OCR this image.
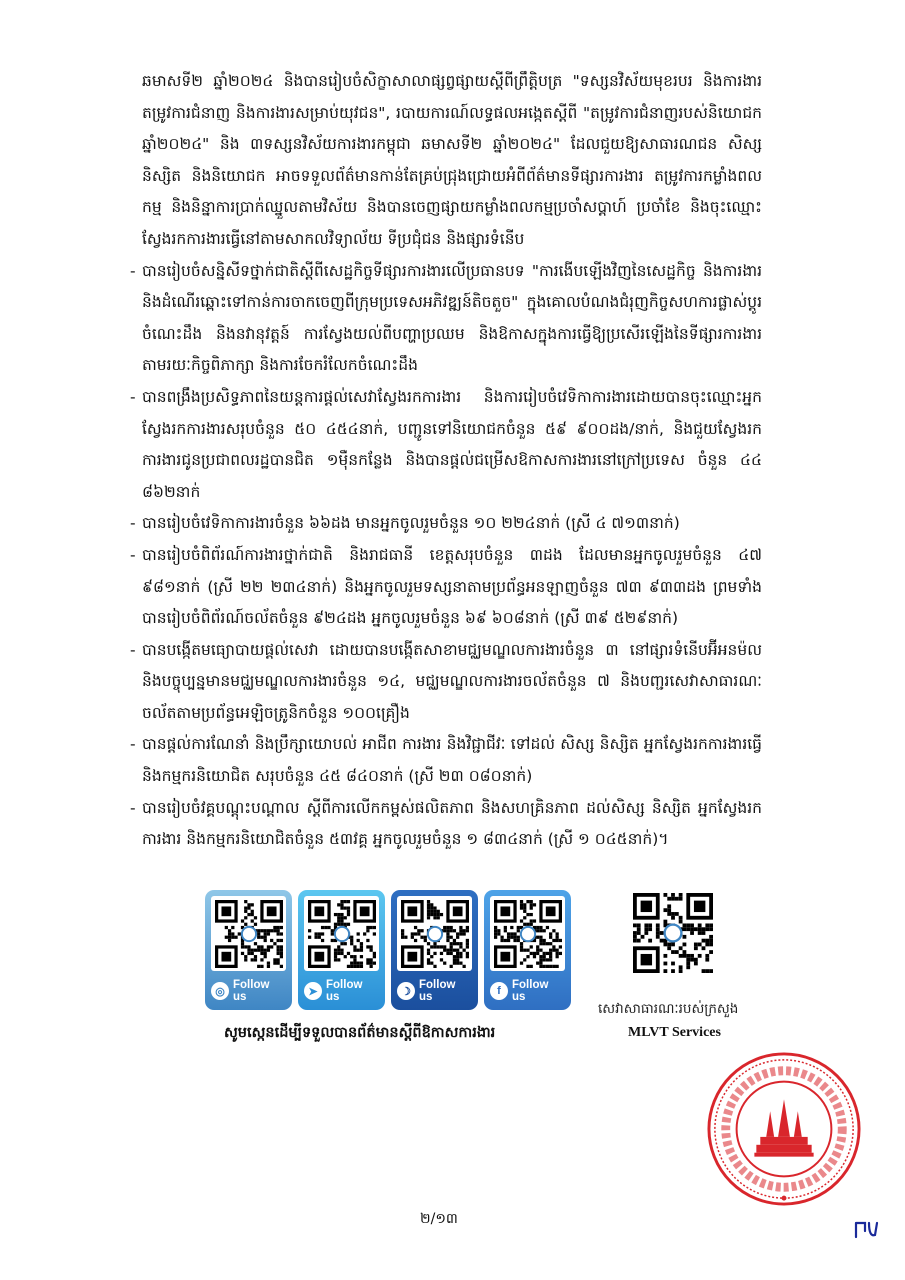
ឆមាសទី២ ឆ្នាំ២០២៤ និងបានរៀបចំសិក្ខាសាលាផ្សព្វផ្សាយស្ដីពីព្រឹត្តិបត្រ "ទស្សនវិស័យមុខរបរ និងការងារ តម្រូវការជំនាញ និងការងារសម្រាប់យុវជន", របាយការណ៍លទ្ធផលអង្កេតស្ដីពី "តម្រូវការជំនាញរបស់និយោជក ឆ្នាំ២០២៤" និង ៣ទស្សនវិស័យការងារកម្ពុជា ឆមាសទី២ ឆ្នាំ២០២៤" ដែលជួយឱ្យសាធារណជន សិស្ស និស្សិត និងនិយោជក អាចទទួលព័ត៌មានកាន់តែគ្រប់ជ្រុងជ្រោយអំពីព័ត៌មានទីផ្សារការងារ តម្រូវការកម្លាំងពលកម្ម និងនិន្នាការប្រាក់ឈ្នួលតាមវិស័យ និងបានចេញផ្សាយកម្លាំងពលកម្មប្រចាំសប្ដាហ៍ ប្រចាំខែ និងចុះឈ្មោះស្វែងរកការងារធ្វើនៅតាមសាកលវិទ្យាល័យ ទីប្រជុំជន និងផ្សារទំនើប

- បានរៀបចំសន្និសីទថ្នាក់ជាតិស្ដីពីសេដ្ឋកិច្ចទីផ្សារការងារលើប្រធានបទ "ការងើបឡើងវិញនៃសេដ្ឋកិច្ច និងការងារ និងដំណើរឆ្ពោះទៅកាន់ការចាកចេញពីក្រុមប្រទេសអភិវឌ្ឍន៍តិចតួច" ក្នុងគោលបំណងជំរុញកិច្ចសហការផ្លាស់ប្ដូរចំណេះដឹង និងនវានុវត្តន៍ ការស្វែងយល់ពីបញ្ហាប្រឈម និងឱកាសក្នុងការធ្វើឱ្យប្រសើរឡើងនៃទីផ្សារការងារតាមរយៈកិច្ចពិភាក្សា និងការចែករំលែកចំណេះដឹង
- បានពង្រឹងប្រសិទ្ធភាពនៃយន្តការផ្ដល់សេវាស្វែងរកការងារ និងការរៀបចំវេទិកាការងារដោយបានចុះឈ្មោះអ្នកស្វែងរកការងារសរុបចំនួន ៥០ ៤៥៤នាក់, បញ្ជូនទៅនិយោជកចំនួន ៥៩ ៩០០ដង/នាក់, និងជួយស្វែងរកការងារជូនប្រជាពលរដ្ឋបានជិត ១ម៉ឺនកន្លែង និងបានផ្ដល់ជម្រើសឱកាសការងារនៅក្រៅប្រទេស ចំនួន ៤៤ ៨៦២នាក់
- បានរៀបចំវេទិកាការងារចំនួន ៦៦ដង មានអ្នកចូលរួមចំនួន ១០ ២២៤នាក់ (ស្រី ៤ ៧១៣នាក់)
- បានរៀបចំពិព័រណ៍ការងារថ្នាក់ជាតិ និងរាជធានី ខេត្តសរុបចំនួន ៣ដង ដែលមានអ្នកចូលរួមចំនួន ៤៧ ៩៨១នាក់ (ស្រី ២២ ២៣៤នាក់) និងអ្នកចូលរួមទស្សនាតាមប្រព័ន្ធអនឡាញចំនួន ៧៣ ៩៣៣ដង ព្រមទាំងបានរៀបចំពិព័រណ៍ចល័តចំនួន ៩២៤ដង អ្នកចូលរួមចំនួន ៦៩ ៦០៨នាក់ (ស្រី ៣៩ ៥២៩នាក់)
- បានបង្កើតមធ្យោបាយផ្ដល់សេវា ដោយបានបង្កើតសាខាមជ្ឈមណ្ឌលការងារចំនួន ៣ នៅផ្សារទំនើបអ៊ីអនម៉ល និងបច្ចុប្បន្នមានមជ្ឈមណ្ឌលការងារចំនួន ១៤, មជ្ឈមណ្ឌលការងារចល័តចំនួន ៧ និងបញ្ជរសេវាសាធារណៈចល័តតាមប្រព័ន្ធអេឡិចត្រូនិកចំនួន ១០០គ្រឿង
- បានផ្ដល់ការណែនាំ និងប្រឹក្សាយោបល់ អាជីព ការងារ និងវិជ្ជាជីវៈ ទៅដល់ សិស្ស និស្សិត អ្នកស្វែងរកការងារធ្វើ និងកម្មករនិយោជិត សរុបចំនួន ៤៥ ៨៤០នាក់ (ស្រី ២៣ ០៨០នាក់)
- បានរៀបចំវគ្គបណ្ដុះបណ្ដាល ស្ដីពីការលើកកម្ពស់ផលិតភាព និងសហគ្រិនភាព ដល់សិស្ស និស្សិត អ្នកស្វែងរកការងារ និងកម្មករនិយោជិតចំនួន ៥៣វគ្គ អ្នកចូលរួមចំនួន ១ ៨៣៤នាក់ (ស្រី ១ ០៤៥នាក់)។
◎
Follow us	➤
Follow us	☽
Follow us	f Follow us
សូមស្កេនដើម្បីទទួលបានព័ត៌មានស្ដីពីឱកាសការងារ
សេវាសាធារណៈរបស់ក្រសួង
MLVT Services
២/១៣
